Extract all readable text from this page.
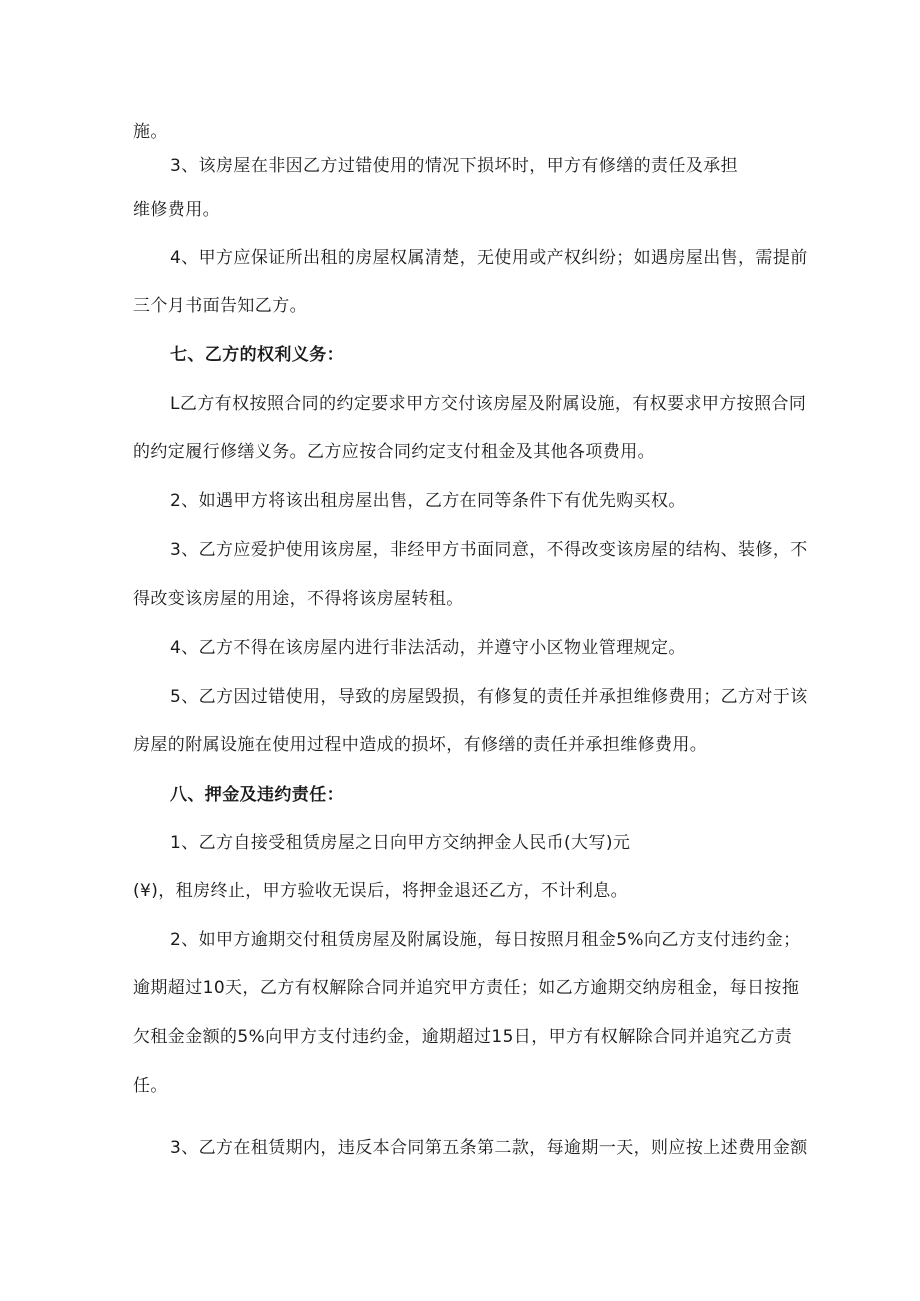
施。
3、该房屋在非因乙方过错使用的情况下损坏时，甲方有修缮的责任及承担
维修费用。
4、甲方应保证所出租的房屋权属清楚，无使用或产权纠纷；如遇房屋出售，需提前
三个月书面告知乙方。
七、乙方的权利义务：
L乙方有权按照合同的约定要求甲方交付该房屋及附属设施，有权要求甲方按照合同
的约定履行修缮义务。乙方应按合同约定支付租金及其他各项费用。
2、如遇甲方将该出租房屋出售，乙方在同等条件下有优先购买权。
3、乙方应爱护使用该房屋，非经甲方书面同意，不得改变该房屋的结构、装修，不
得改变该房屋的用途，不得将该房屋转租。
4、乙方不得在该房屋内进行非法活动，并遵守小区物业管理规定。
5、乙方因过错使用，导致的房屋毁损，有修复的责任并承担维修费用；乙方对于该
房屋的附属设施在使用过程中造成的损坏，有修缮的责任并承担维修费用。
八、押金及违约责任：
1、乙方自接受租赁房屋之日向甲方交纳押金人民币(大写)元
(¥)，租房终止，甲方验收无误后，将押金退还乙方，不计利息。
2、如甲方逾期交付租赁房屋及附属设施，每日按照月租金5%向乙方支付违约金；
逾期超过10天，乙方有权解除合同并追究甲方责任；如乙方逾期交纳房租金，每日按拖
欠租金金额的5%向甲方支付违约金，逾期超过15日，甲方有权解除合同并追究乙方责
任。
3、乙方在租赁期内，违反本合同第五条第二款，每逾期一天，则应按上述费用金额
